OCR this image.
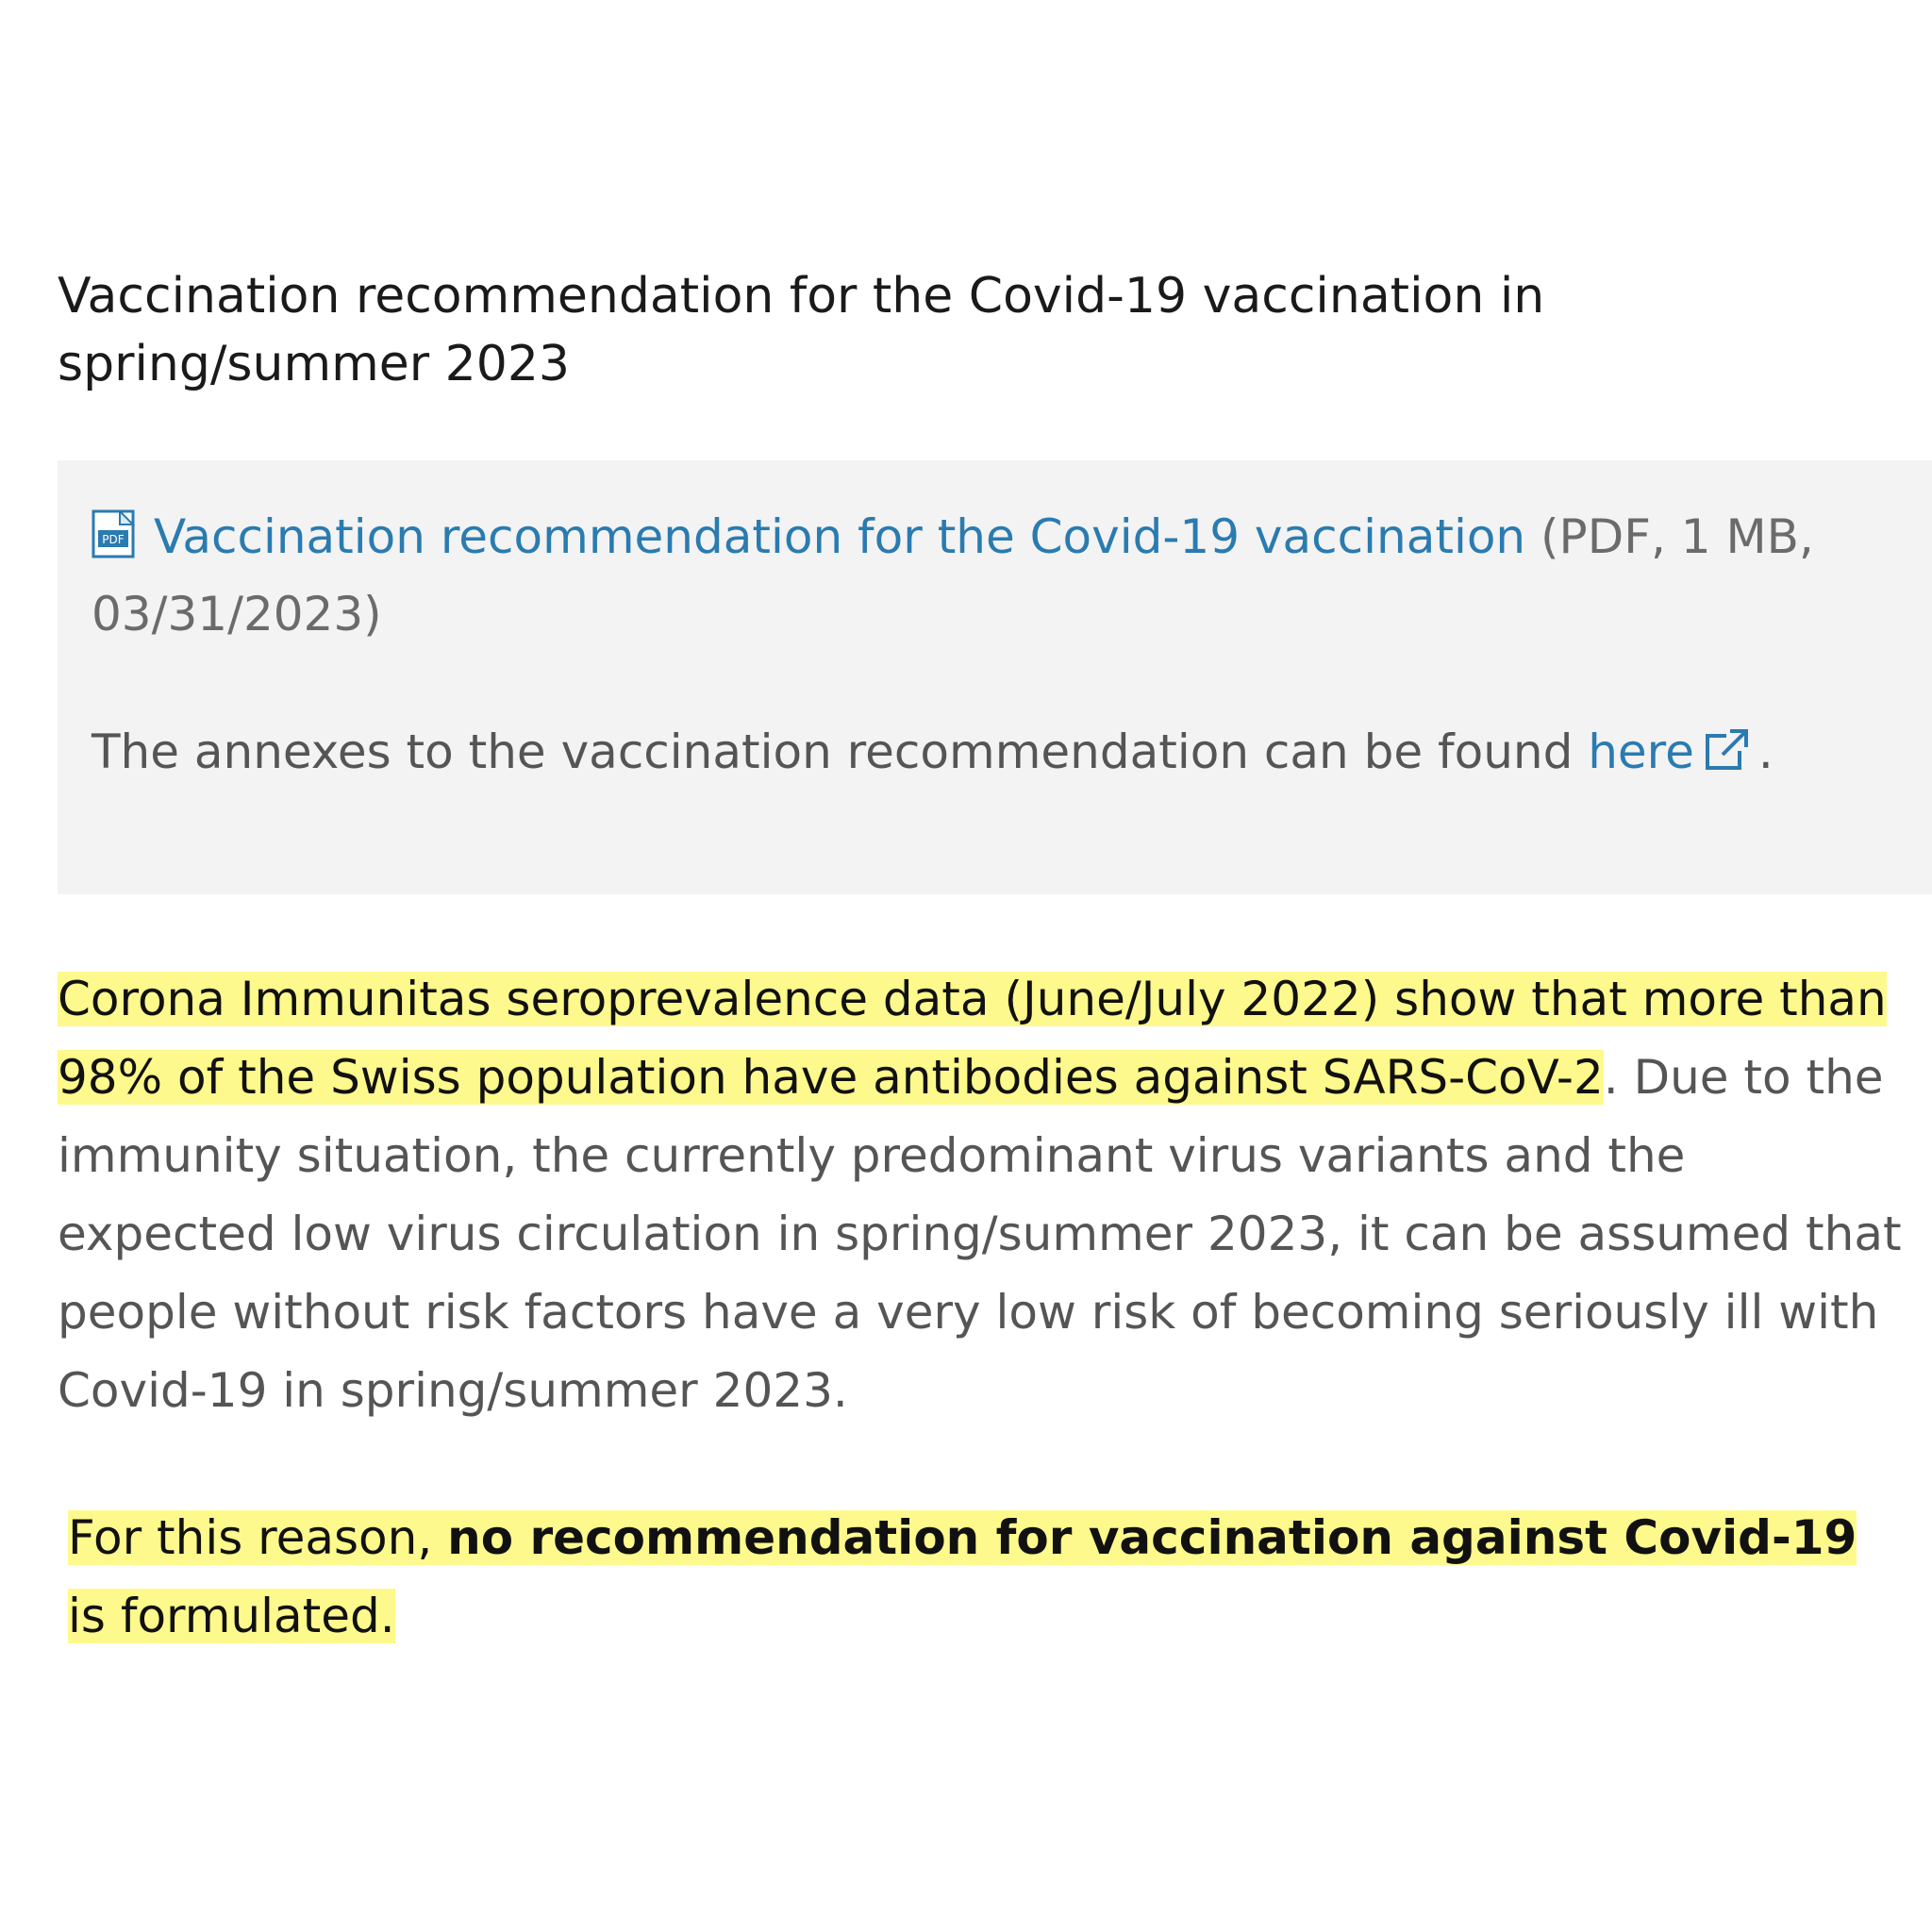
Vaccination recommendation for the Covid-19 vaccination in spring/summer 2023
PDF Vaccination recommendation for the Covid-19 vaccination (PDF, 1 MB, 03/31/2023)
The annexes to the vaccination recommendation can be found here .

Corona Immunitas seroprevalence data (June/July 2022) show that more than 98% of the Swiss population have antibodies against SARS-CoV-2. Due to the immunity situation, the currently predominant virus variants and the expected low virus circulation in spring/summer 2023, it can be assumed that people without risk factors have a very low risk of becoming seriously ill with Covid-19 in spring/summer 2023.

For this reason, no recommendation for vaccination against Covid-19 is formulated.
